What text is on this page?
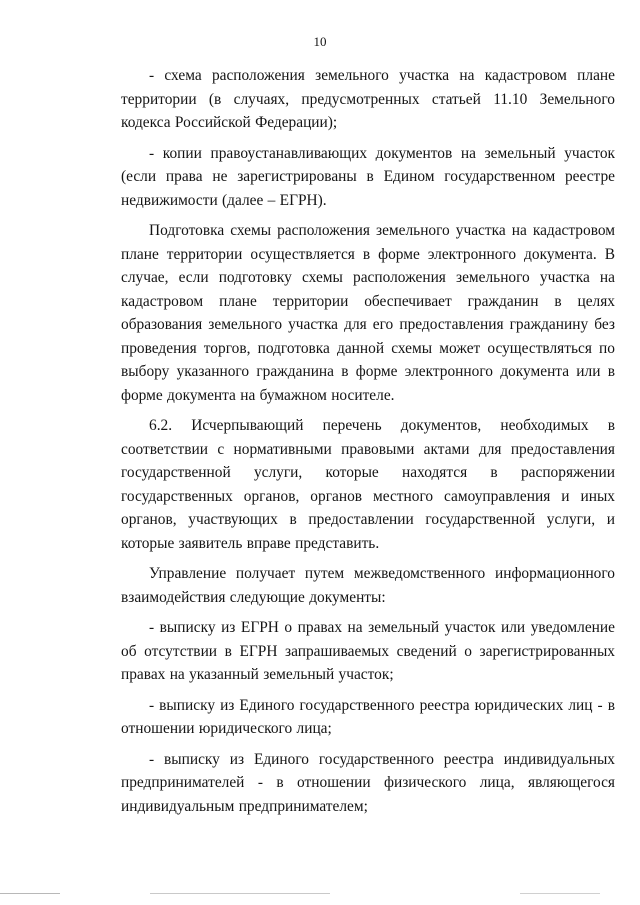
10

- схема расположения земельного участка на кадастровом плане территории (в случаях, предусмотренных статьей 11.10 Земельного кодекса Российской Федерации);

- копии правоустанавливающих документов на земельный участок (если права не зарегистрированы в Едином государственном реестре недвижимости (далее – ЕГРН).

Подготовка схемы расположения земельного участка на кадастровом плане территории осуществляется в форме электронного документа. В случае, если подготовку схемы расположения земельного участка на кадастровом плане территории обеспечивает гражданин в целях образования земельного участка для его предоставления гражданину без проведения торгов, подготовка данной схемы может осуществляться по выбору указанного гражданина в форме электронного документа или в форме документа на бумажном носителе.

6.2. Исчерпывающий перечень документов, необходимых в соответствии с нормативными правовыми актами для предоставления государственной услуги, которые находятся в распоряжении государственных органов, органов местного самоуправления и иных органов, участвующих в предоставлении государственной услуги, и которые заявитель вправе представить.

Управление получает путем межведомственного информационного взаимодействия следующие документы:

- выписку из ЕГРН о правах на земельный участок или уведомление об отсутствии в ЕГРН запрашиваемых сведений о зарегистрированных правах на указанный земельный участок;

- выписку из Единого государственного реестра юридических лиц - в отношении юридического лица;

- выписку из Единого государственного реестра индивидуальных предпринимателей - в отношении физического лица, являющегося индивидуальным предпринимателем;
